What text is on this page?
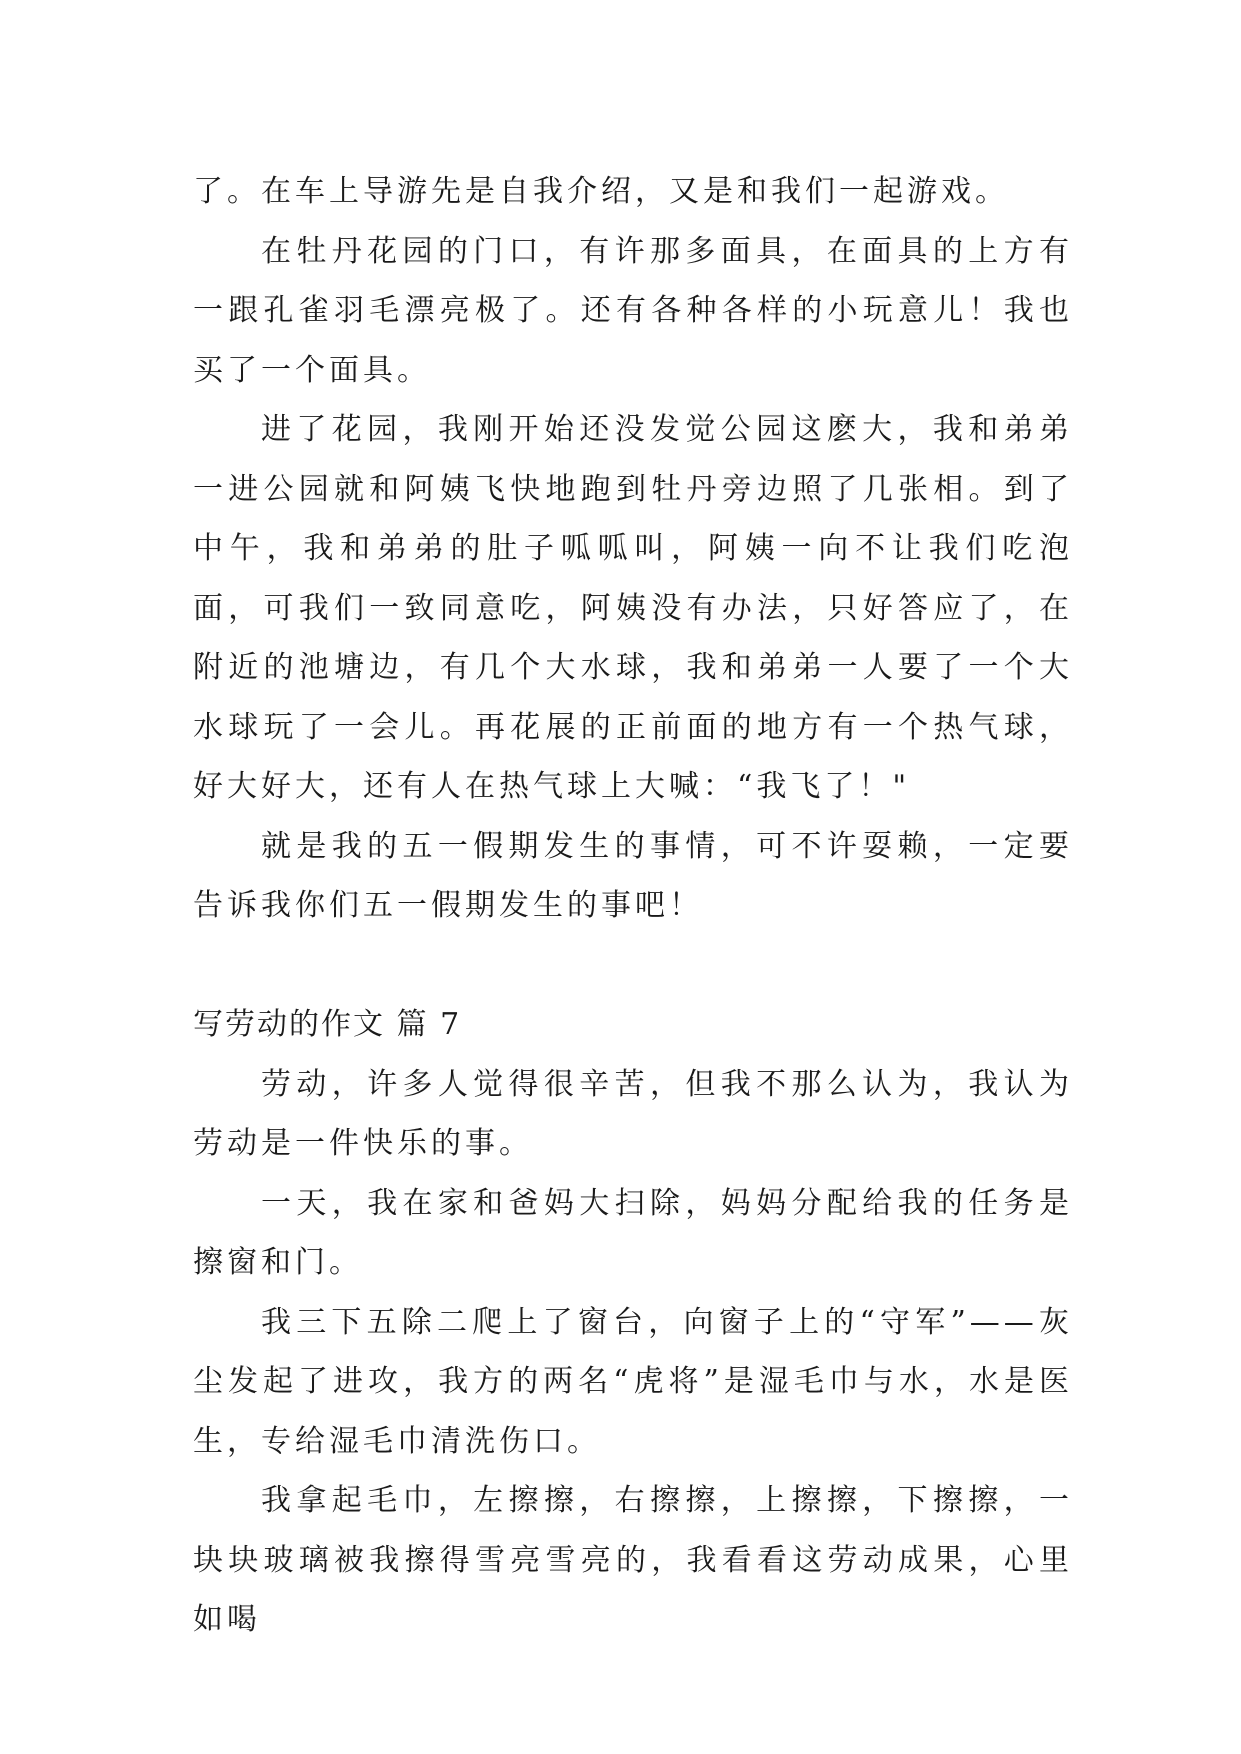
了。在车上导游先是自我介绍，又是和我们一起游戏。

在牡丹花园的门口，有许那多面具，在面具的上方有一跟孔雀羽毛漂亮极了。还有各种各样的小玩意儿！我也买了一个面具。

进了花园，我刚开始还没发觉公园这麽大，我和弟弟一进公园就和阿姨飞快地跑到牡丹旁边照了几张相。到了中午，我和弟弟的肚子呱呱叫，阿姨一向不让我们吃泡面，可我们一致同意吃，阿姨没有办法，只好答应了，在附近的池塘边，有几个大水球，我和弟弟一人要了一个大水球玩了一会儿。再花展的正前面的地方有一个热气球，好大好大，还有人在热气球上大喊：“我飞了！"

就是我的五一假期发生的事情，可不许耍赖，一定要告诉我你们五一假期发生的事吧！

写劳动的作文 篇 7

劳动，许多人觉得很辛苦，但我不那么认为，我认为劳动是一件快乐的事。

一天，我在家和爸妈大扫除，妈妈分配给我的任务是擦窗和门。

我三下五除二爬上了窗台，向窗子上的“守军”——灰尘发起了进攻，我方的两名“虎将”是湿毛巾与水，水是医生，专给湿毛巾清洗伤口。

我拿起毛巾，左擦擦，右擦擦，上擦擦，下擦擦，一块块玻璃被我擦得雪亮雪亮的，我看看这劳动成果，心里如喝
